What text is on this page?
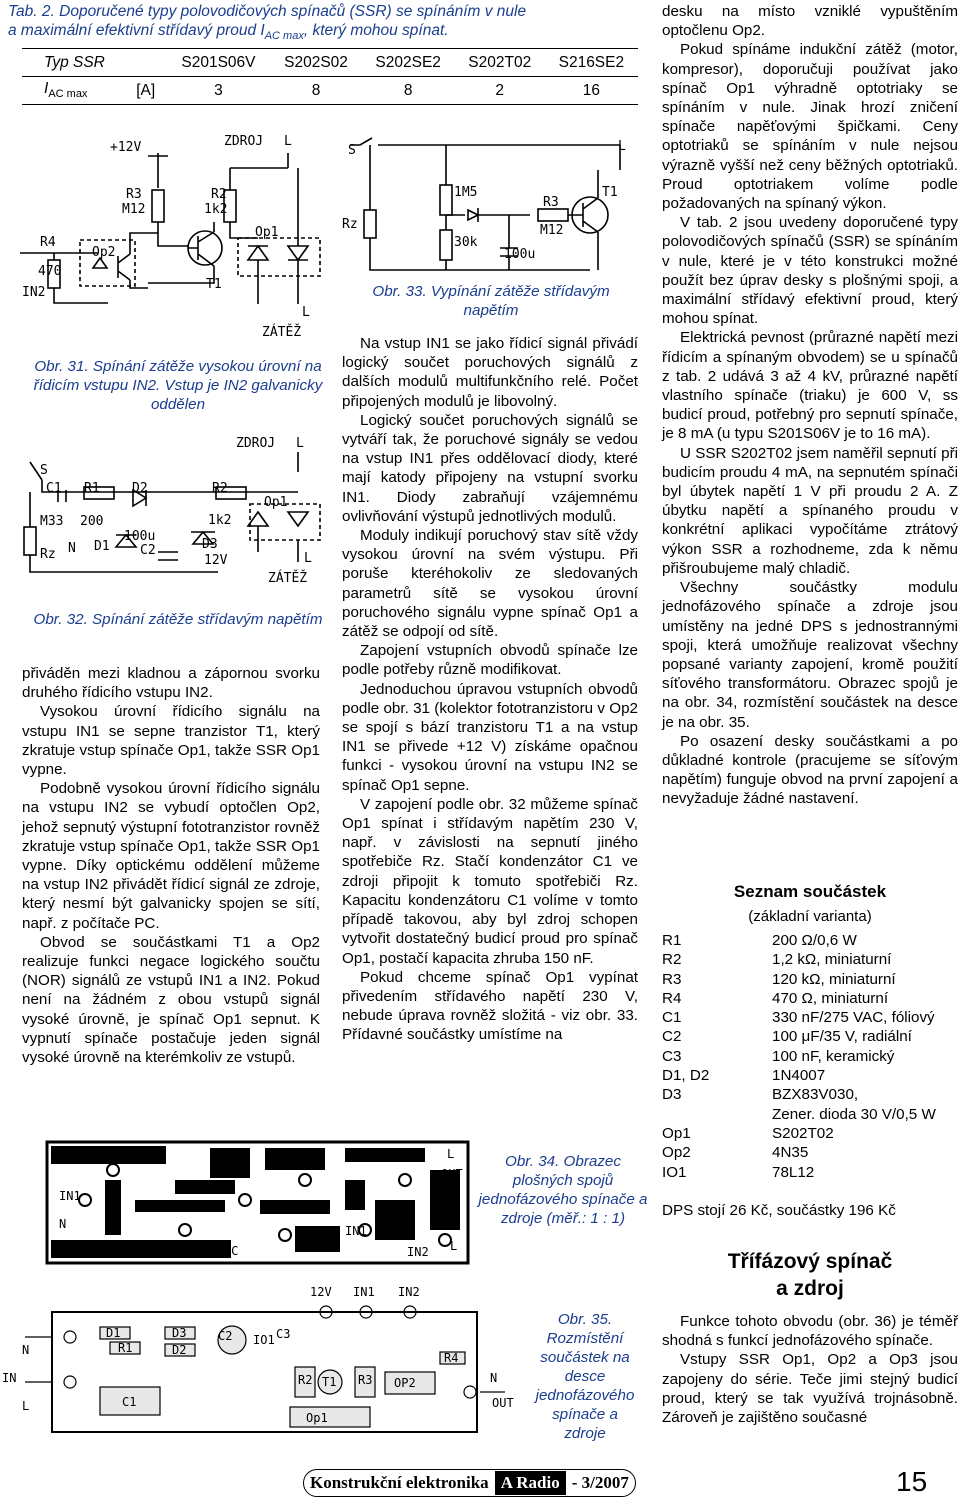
Tab. 2. Doporučené typy polovodičových spínačů (SSR) se spínáním v nule
a maximální efektivní střídavý proud $I_{AC max}$, který mohou spínat.
Typ SSR		S201S06V	S202S02	S202SE2	S202T02	S216SE2
$I_{AC max}$	[A]	3	8	8	2	16
+12V	ZDROJ L
R3
M12
R2
1k2
Op1
R4
470
IN2
Op2
T1
L
ZÁTĚŽ
Obr. 31. Spínání zátěže vysokou úrovní na řídicím vstupu IN2. Vstup je IN2 galvanicky oddělen
ZDROJ L
S
C1
M33
R1
200
D2	R2
1k2
Op1
Rz N D1
100u
C2	D3
12V	L
ZÁTĚŽ
Obr. 32. Spínání zátěže střídavým napětím

přiváděn mezi kladnou a zápornou svorku druhého řídicího vstupu IN2.

Vysokou úrovní řídicího signálu na vstupu IN1 se sepne tranzistor T1, který zkratuje vstup spínače Op1, takže SSR Op1 vypne.

Podobně vysokou úrovní řídicího signálu na vstupu IN2 se vybudí optočlen Op2, jehož sepnutý výstupní fototranzistor rovněž zkratuje vstup spínače Op1, takže SSR Op1 vypne. Díky optickému oddělení můžeme na vstup IN2 přivádět řídicí signál ze zdroje, který nesmí být galvanicky spojen se sítí, např. z počítače PC.

Obvod se součástkami T1 a Op2 realizuje funkci negace logického součtu (NOR) signálů ze vstupů IN1 a IN2. Pokud není na žádném z obou vstupů signál vysoké úrovně, je spínač Op1 sepnut. K vypnutí spínače postačuje jeden signál vysoké úrovně na kterémkoliv ze vstupů.

S	L
1M5
R3
T1
Rz	M12
30k
100u
Obr. 33. Vypínání zátěže střídavým napětím

Na vstup IN1 se jako řídicí signál přivádí logický součet poruchových signálů z dalších modulů multifunkčního relé. Počet připojených modulů je libovolný.

Logický součet poruchových signálů se vytváří tak, že poruchové signály se vedou na vstup IN1 přes oddělovací diody, které mají katody připojeny na vstupní svorku IN1. Diody zabraňují vzájemnému ovlivňování výstupů jednotlivých modulů.

Moduly indikují poruchový stav sítě vždy vysokou úrovní na svém výstupu. Při poruše kteréhokoliv ze sledovaných parametrů sítě se vysokou úrovní poruchového signálu vypne spínač Op1 a zátěž se odpojí od sítě.

Zapojení vstupních obvodů spínače lze podle potřeby různě modifikovat.

Jednoduchou úpravou vstupních obvodů podle obr. 31 (kolektor fototranzistoru v Op2 se spojí s bází tranzistoru T1 a na vstup IN1 se přivede +12 V) získáme opačnou funkci - vysokou úrovní na vstupu IN2 se spínač Op1 sepne.

V zapojení podle obr. 32 můžeme spínač Op1 spínat i střídavým napětím 230 V, např. v závislosti na sepnutí jiného spotřebiče Rz. Stačí kondenzátor C1 ve zdroji připojit k tomuto spotřebiči Rz. Kapacitu kondenzátoru C1 volíme v tomto případě takovou, aby byl zdroj schopen vytvořit dostatečný budicí proud pro spínač Op1, postačí kapacita zhruba 150 nF.

Pokud chceme spínač Op1 vypínat přivedením střídavého napětí 230 V, nebude úprava rovněž složitá - viz obr. 33. Přídavné součástky umístíme na

desku na místo vzniklé vypuštěním optočlenu Op2.

Pokud spínáme indukční zátěž (motor, kompresor), doporučuji používat jako spínač Op1 výhradně optotriaky se spínáním v nule. Jinak hrozí zničení spínače napěťovými špičkami. Ceny optotriaků se spínáním v nule nejsou výrazně vyšší než ceny běžných optotriaků. Proud optotriakem volíme podle požadovaných na spínaný výkon.

V tab. 2 jsou uvedeny doporučené typy polovodičových spínačů (SSR) se spínáním v nule, které je v této konstrukci možné použít bez úprav desky s plošnými spoji, a maximální střídavý efektivní proud, který mohou spínat.

Elektrická pevnost (průrazné napětí mezi řídicím a spínaným obvodem) se u spínačů z tab. 2 udává 3 až 4 kV, průrazné napětí vlastního spínače (triaku) je 600 V, ss budicí proud, potřebný pro sepnutí spínače, je 8 mA (u typu S201S06V je to 16 mA).

U SSR S202T02 jsem naměřil sepnutí při budicím proudu 4 mA, na sepnutém spínači byl úbytek napětí 1 V při proudu 2 A. Z úbytku napětí a spínaného proudu v konkrétní aplikaci vypočítáme ztrátový výkon SSR a rozhodneme, zda k němu přišroubujeme malý chladič.

Všechny součástky modulu jednofázového spínače a zdroje jsou umístěny na jedné DPS s jednostrannými spoji, která umožňuje realizovat všechny popsané varianty zapojení, kromě použití síťového transformátoru. Obrazec spojů je na obr. 34, rozmístění součástek na desce je na obr. 35.

Po osazení desky součástkami a po důkladné kontrole (pracujeme se síťovým napětím) funguje obvod na první zapojení a nevyžaduje žádné nastavení.

Seznam součástek
(základní varianta)
R1	200 Ω/0,6 W
R2	1,2 kΩ, miniaturní
R3	120 kΩ, miniaturní
R4	470 Ω, miniaturní
C1	330 nF/275 VAC, fóliový
C2	100 μF/35 V, radiální
C3	100 nF, keramický
D1, D2	1N4007
D3	BZX83V030,
Zener. dioda 30 V/0,5 W
Op1	S202T02
Op2	4N35
IO1	78L12
DPS stojí 26 Kč, součástky 196 Kč
Třífázový spínač
a zdroj

Funkce tohoto obvodu (obr. 36) je téměř shodná s funkcí jednofázového spínače.

Vstupy SSR Op1, Op2 a Op3 jsou zapojeny do série. Teče jimi stejný budicí proud, který se tak využívá trojnásobně. Zároveň je zajištěno současné

L
OUT
IN1
N
1spinC
12V IN1
IN2 L
N
Obr. 34. Obrazec plošných spojů jednofázového spínače a zdroje (měř.: 1 : 1)
12V IN1 IN2
N
IN
L
D1	D3	C2 IO1 C3
R1	D2
R2 T1 R3
R4
OP2
C1
Op1
N
OUT
Obr. 35. Rozmístění součástek na desce jednofázového spínače a zdroje
Konstrukční elektronika A Radio - 3/2007	15
